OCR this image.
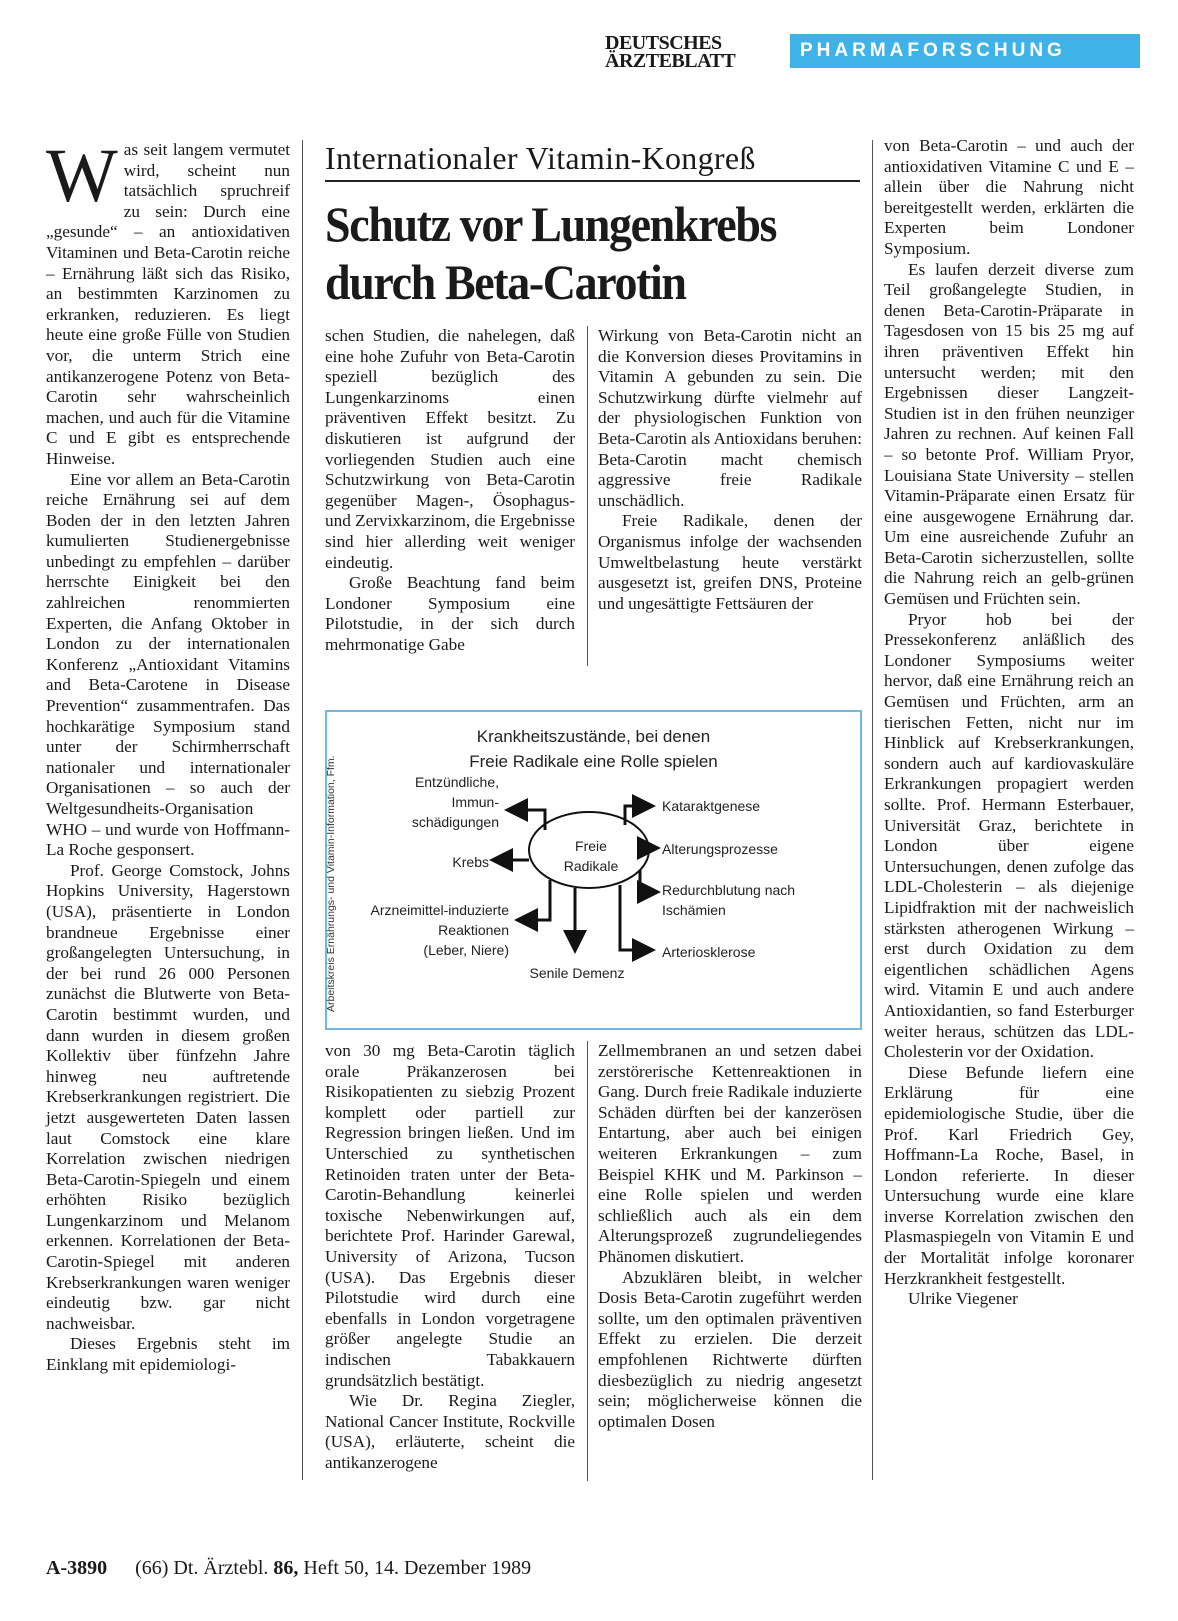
DEUTSCHES
ÄRZTEBLATT	PHARMAFORSCHUNG

Was seit langem vermutet wird, scheint nun tatsächlich spruchreif zu sein: Durch eine „gesunde“ – an antioxidativen Vitaminen und Beta-Carotin reiche – Ernährung läßt sich das Risiko, an bestimmten Karzinomen zu erkranken, reduzieren. Es liegt heute eine große Fülle von Studien vor, die unterm Strich eine antikanzerogene Potenz von Beta-Carotin sehr wahrscheinlich machen, und auch für die Vitamine C und E gibt es entsprechende Hinweise.

Eine vor allem an Beta-Carotin reiche Ernährung sei auf dem Boden der in den letzten Jahren kumulierten Studienergebnisse unbedingt zu empfehlen – darüber herrschte Einigkeit bei den zahlreichen renommierten Experten, die Anfang Oktober in London zu der internationalen Konferenz „Antioxidant Vitamins and Beta-Carotene in Disease Prevention“ zusammentrafen. Das hochkarätige Symposium stand unter der Schirmherrschaft nationaler und internationaler Organisationen – so auch der Weltgesundheits-Organisation WHO – und wurde von Hoffmann-La Roche gesponsert.

Prof. George Comstock, Johns Hopkins University, Hagerstown (USA), präsentierte in London brandneue Ergebnisse einer großangelegten Untersuchung, in der bei rund 26 000 Personen zunächst die Blutwerte von Beta-Carotin bestimmt wurden, und dann wurden in diesem großen Kollektiv über fünfzehn Jahre hinweg neu auftretende Krebserkrankungen registriert. Die jetzt ausgewerteten Daten lassen laut Comstock eine klare Korrelation zwischen niedrigen Beta-Carotin-Spiegeln und einem erhöhten Risiko bezüglich Lungenkarzinom und Melanom erkennen. Korrelationen der Beta-Carotin-Spiegel mit anderen Krebserkrankungen waren weniger eindeutig bzw. gar nicht nachweisbar.

Dieses Ergebnis steht im Einklang mit epidemiologi-

Internationaler Vitamin-Kongreß
Schutz vor Lungenkrebs
durch Beta-Carotin

schen Studien, die nahelegen, daß eine hohe Zufuhr von Beta-Carotin speziell bezüglich des Lungenkarzinoms einen präventiven Effekt besitzt. Zu diskutieren ist aufgrund der vorliegenden Studien auch eine Schutzwirkung von Beta-Carotin gegenüber Magen-, Ösophagus- und Zervixkarzinom, die Ergebnisse sind hier allerding weit weniger eindeutig.

Große Beachtung fand beim Londoner Symposium eine Pilotstudie, in der sich durch mehrmonatige Gabe

Wirkung von Beta-Carotin nicht an die Konversion dieses Provitamins in Vitamin A gebunden zu sein. Die Schutzwirkung dürfte vielmehr auf der physiologischen Funktion von Beta-Carotin als Antioxidans beruhen: Beta-Carotin macht chemisch aggressive freie Radikale unschädlich.

Freie Radikale, denen der Organismus infolge der wachsenden Umweltbelastung heute verstärkt ausgesetzt ist, greifen DNS, Proteine und ungesättigte Fettsäuren der

Krankheitszustände, bei denen
Freie Radikale eine Rolle spielen
Arbeitskreis Ernährungs- und Vitamin-Information, Ffm.	Freie
Radikale
Entzündliche,
Immun-
schädigungen
Krebs
Arzneimittel-induzierte
Reaktionen
(Leber, Niere)
Senile Demenz
Kataraktgenese
Alterungsprozesse
Redurchblutung nach
Ischämien
Arteriosklerose

von 30 mg Beta-Carotin täglich orale Präkanzerosen bei Risikopatienten zu siebzig Prozent komplett oder partiell zur Regression bringen ließen. Und im Unterschied zu synthetischen Retinoiden traten unter der Beta-Carotin-Behandlung keinerlei toxische Nebenwirkungen auf, berichtete Prof. Harinder Garewal, University of Arizona, Tucson (USA). Das Ergebnis dieser Pilotstudie wird durch eine ebenfalls in London vorgetragene größer angelegte Studie an indischen Tabakkauern grundsätzlich bestätigt.

Wie Dr. Regina Ziegler, National Cancer Institute, Rockville (USA), erläuterte, scheint die antikanzerogene

Zellmembranen an und setzen dabei zerstörerische Kettenreaktionen in Gang. Durch freie Radikale induzierte Schäden dürften bei der kanzerösen Entartung, aber auch bei einigen weiteren Erkrankungen – zum Beispiel KHK und M. Parkinson – eine Rolle spielen und werden schließlich auch als ein dem Alterungsprozeß zugrundeliegendes Phänomen diskutiert.

Abzuklären bleibt, in welcher Dosis Beta-Carotin zugeführt werden sollte, um den optimalen präventiven Effekt zu erzielen. Die derzeit empfohlenen Richtwerte dürften diesbezüglich zu niedrig angesetzt sein; möglicherweise können die optimalen Dosen

von Beta-Carotin – und auch der antioxidativen Vitamine C und E – allein über die Nahrung nicht bereitgestellt werden, erklärten die Experten beim Londoner Symposium.

Es laufen derzeit diverse zum Teil großangelegte Studien, in denen Beta-Carotin-Präparate in Tagesdosen von 15 bis 25 mg auf ihren präventiven Effekt hin untersucht werden; mit den Ergebnissen dieser Langzeit-Studien ist in den frühen neunziger Jahren zu rechnen. Auf keinen Fall – so betonte Prof. William Pryor, Louisiana State University – stellen Vitamin-Präparate einen Ersatz für eine ausgewogene Ernährung dar. Um eine ausreichende Zufuhr an Beta-Carotin sicherzustellen, sollte die Nahrung reich an gelb-grünen Gemüsen und Früchten sein.

Pryor hob bei der Pressekonferenz anläßlich des Londoner Symposiums weiter hervor, daß eine Ernährung reich an Gemüsen und Früchten, arm an tierischen Fetten, nicht nur im Hinblick auf Krebserkrankungen, sondern auch auf kardiovaskuläre Erkrankungen propagiert werden sollte. Prof. Hermann Esterbauer, Universität Graz, berichtete in London über eigene Untersuchungen, denen zufolge das LDL-Cholesterin – als diejenige Lipidfraktion mit der nachweislich stärksten atherogenen Wirkung – erst durch Oxidation zu dem eigentlichen schädlichen Agens wird. Vitamin E und auch andere Antioxidantien, so fand Esterburger weiter heraus, schützen das LDL-Cholesterin vor der Oxidation.

Diese Befunde liefern eine Erklärung für eine epidemiologische Studie, über die Prof. Karl Friedrich Gey, Hoffmann-La Roche, Basel, in London referierte. In dieser Untersuchung wurde eine klare inverse Korrelation zwischen den Plasmaspiegeln von Vitamin E und der Mortalität infolge koronarer Herzkrankheit festgestellt.

Ulrike Viegener

A-3890 (66) Dt. Ärztebl. 86, Heft 50, 14. Dezember 1989
